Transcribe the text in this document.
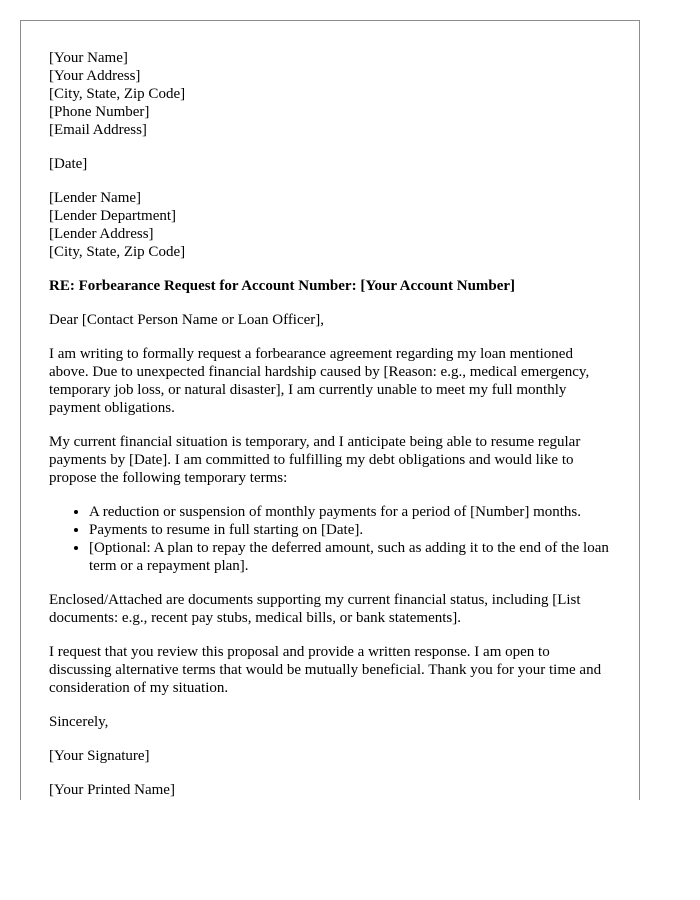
[Your Name]
[Your Address]
[City, State, Zip Code]
[Phone Number]
[Email Address]
[Date]
[Lender Name]
[Lender Department]
[Lender Address]
[City, State, Zip Code]
RE: Forbearance Request for Account Number: [Your Account Number]

Dear [Contact Person Name or Loan Officer],

I am writing to formally request a forbearance agreement regarding my loan mentioned above. Due to unexpected financial hardship caused by [Reason: e.g., medical emergency, temporary job loss, or natural disaster], I am currently unable to meet my full monthly payment obligations.

My current financial situation is temporary, and I anticipate being able to resume regular payments by [Date]. I am committed to fulfilling my debt obligations and would like to propose the following temporary terms:

• A reduction or suspension of monthly payments for a period of [Number] months.
• Payments to resume in full starting on [Date].
• [Optional: A plan to repay the deferred amount, such as adding it to the end of the loan term or a repayment plan].

Enclosed/Attached are documents supporting my current financial status, including [List documents: e.g., recent pay stubs, medical bills, or bank statements].

I request that you review this proposal and provide a written response. I am open to discussing alternative terms that would be mutually beneficial. Thank you for your time and consideration of my situation.

Sincerely,

[Your Signature]

[Your Printed Name]
